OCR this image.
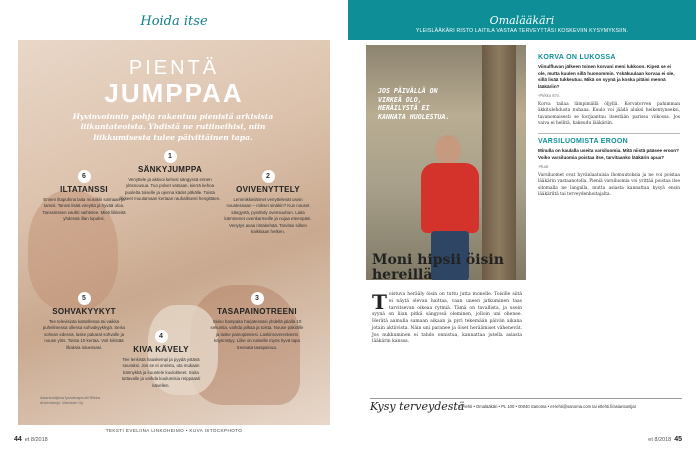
Hoida itse
PIENTÄ
JUMPPAA
Hyvinvoinnin pohja rakentuu pienistä arkisista liikuntateoista. Yhdistä ne rutiineihisi, niin liikkumisesta tulee päivittäinen tapa.
1
SÄNKYJUMPPA
Venyttele ja aktivoi kehosi sängyssä ennen ylösnousua. Tuo polvet vatsaan, kierrä kehoa puolelta toiselle ja ojenna kädet pitkälle. Toista liikkeet muutamaan kertaan rauhallisesti hengittäen.
2
OVIVENYTTELY
Lemmikkieläimet venyttelevät usein noustessaan – miksei sinäkin? Kun nouset sängystä, pysähdy ovensuuhun. Laita kämmenet ovenkarmeille ja nojaa eteenpäin. Venytys avaa rintakehää. Tarvitse siihen kaikkiaan hetken.
3
TASAPAINOTREENI
Seiso hampaita harjatessasi yhdellä jalalla 10 sekuntia, vaihda jalkaa ja toista. Nouse päkiöille ja laske painopisteesi. Laskimoverenkierto käynnistyy. Liike on naiselle myös hyvä tapa treenata tasapainoa.
4
KIVA KÄVELY
Tee lenkistä hauskempi ja pyydä ystävä seuraksi. Jos se ei onnistu, ota mukaan kännykkä ja kuuntele kuulokkeet. Soita tuttavalle ja vaihda kuulumisia reippaasti kävellen.
5
SOHVAKYYKYT
Tee televisiota katsellessa tai vaikka puhelimessa ollessa sohvakyykkyjä. Seiso sohvan edessä, laske pakarat sohvalle ja nouse ylös. Toista 10 kertaa. Voit kiristää lihaksia istuessasi.
6
ILTATANSSI
Ennen iltapuhina laita musiikki soimaan ja tanssi. Tanssi lisää vireyttä ja hyvää oloa. Tanssimisen vauhti vaihtelee. Mieti liikkeitä yhdessä illan lopuksi.
Asiantuntijana fysioterapeutti Riikka Ahvenlampi, Voimaviri Oy
TEKSTI EVELIINA LINKOHEIMO • KUVA ISTOCKPHOTO
44 et 8/2018
Omalääkäri
YLEISLÄÄKÄRI RISTO LAITILA VASTAA TERVEYTTÄSI KOSKEVIIN KYSYMYKSIIN.
JOS PÄIVÄLLÄ ON VIRKEÄ OLO, HERÄILYSTÄ EI KANNATA HUOLESTUA.
Moni hipsii öisin hereillä
Toistuva herääly öisin on tuttu jutta monelle. Toisille siitä ei näytä olevan haittaa, vaan uneen jatkuminen taas tarvitsevan oikeaa rytmiä. Tämä on tavallista, ja usein syynä on liian pitkä sängyssä oleminen, jolloin uni ohenee. Herätä aamulla samaan aikaan ja pyri tekemään päivän aikana jotain aktiivista. Näin uni paranee ja öiset heräämiset vähenevät. Jos nukkuminen ei tahdo onnistua, kannattaa jutella asiasta lääkärin kanssa.
KORVA ON LUKOSSA
Viinulfluvan jälkeen toinen korvani meni lukkoon. Kipeä se ei ole, mutta kuulen sillä huonommin. Yskäkuulaan korvaa ei ole, sillä lisää tukkeutuu. Mikä on syynä ja koska pitäisi mennä lääkäriin?
-Pirkko 67v.
Korva tailaa lämpimällä öljyllä. Korvatorven pahimman äkkitulehdusta nuhaaa. Kuulo voi jäädä aluksi heikentyneeksi, tavanomaisesti se korjaantuu itsestään parissa viikossa. Jos vaiva ei hellitä, hakeudu lääkäriin.
VARSILUOMISTA EROON
Minulla on kaulalla useita varsiluomia. Mitä niistä pääsee eroon? Voiko varsiluomia poistaa itse, tarvitaanko lääkärin apua?
-Ruut
Varsiluomet ovat hyvänlaatuisia ihomuutoksia ja ne voi poistaa lääkärin vastaanotolla. Pieniä varsiluomia voi yrittää poistaa itse sitomalla ne langalla, mutta asiasta kannattaa kysyä ensin lääkäriltä tai terveydenhoitajalta.
Kysy terveydestä
ET-lehti • Omalääkäri • PL 100 • 00040 Sanoma • et-lehti@sanoma.com tai etlehti.fi/asiantuntijat
et 8/2018 45
